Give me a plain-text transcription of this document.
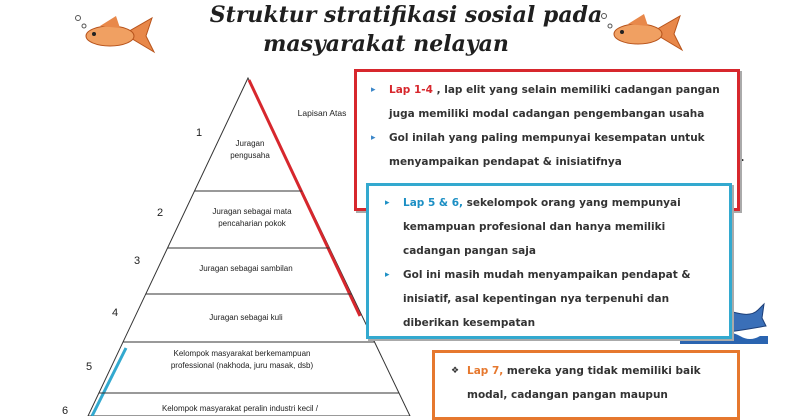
Struktur stratifikasi sosial pada
masyarakat nelayan
1
Juragan
pengusaha
2	Juragan sebagai mata
pencaharian pokok
3
Juragan sebagai sambilan
4	Juragan sebagai kuli
5
Kelompok masyarakat berkemampuan
professional (nakhoda, juru masak, dsb)
6	Kelompok masyarakat peralin industri kecil /
Lapisan Atas
▸ Lap 1-4 , lap elit yang selain memiliki cadangan pangan
juga memiliki modal cadangan pengembangan usaha
▸ Gol inilah yang paling mempunyai kesempatan untuk
menyampaikan pendapat & inisiatifnya
▸ Lap 5 & 6, sekelompok orang yang mempunyai
kemampuan profesional dan hanya memiliki
cadangan pangan saja
▸ Gol ini masih mudah menyampaikan pendapat &
inisiatif, asal kepentingan nya terpenuhi dan
diberikan kesempatan
❖ Lap 7, mereka yang tidak memiliki baik
modal, cadangan pangan maupun
